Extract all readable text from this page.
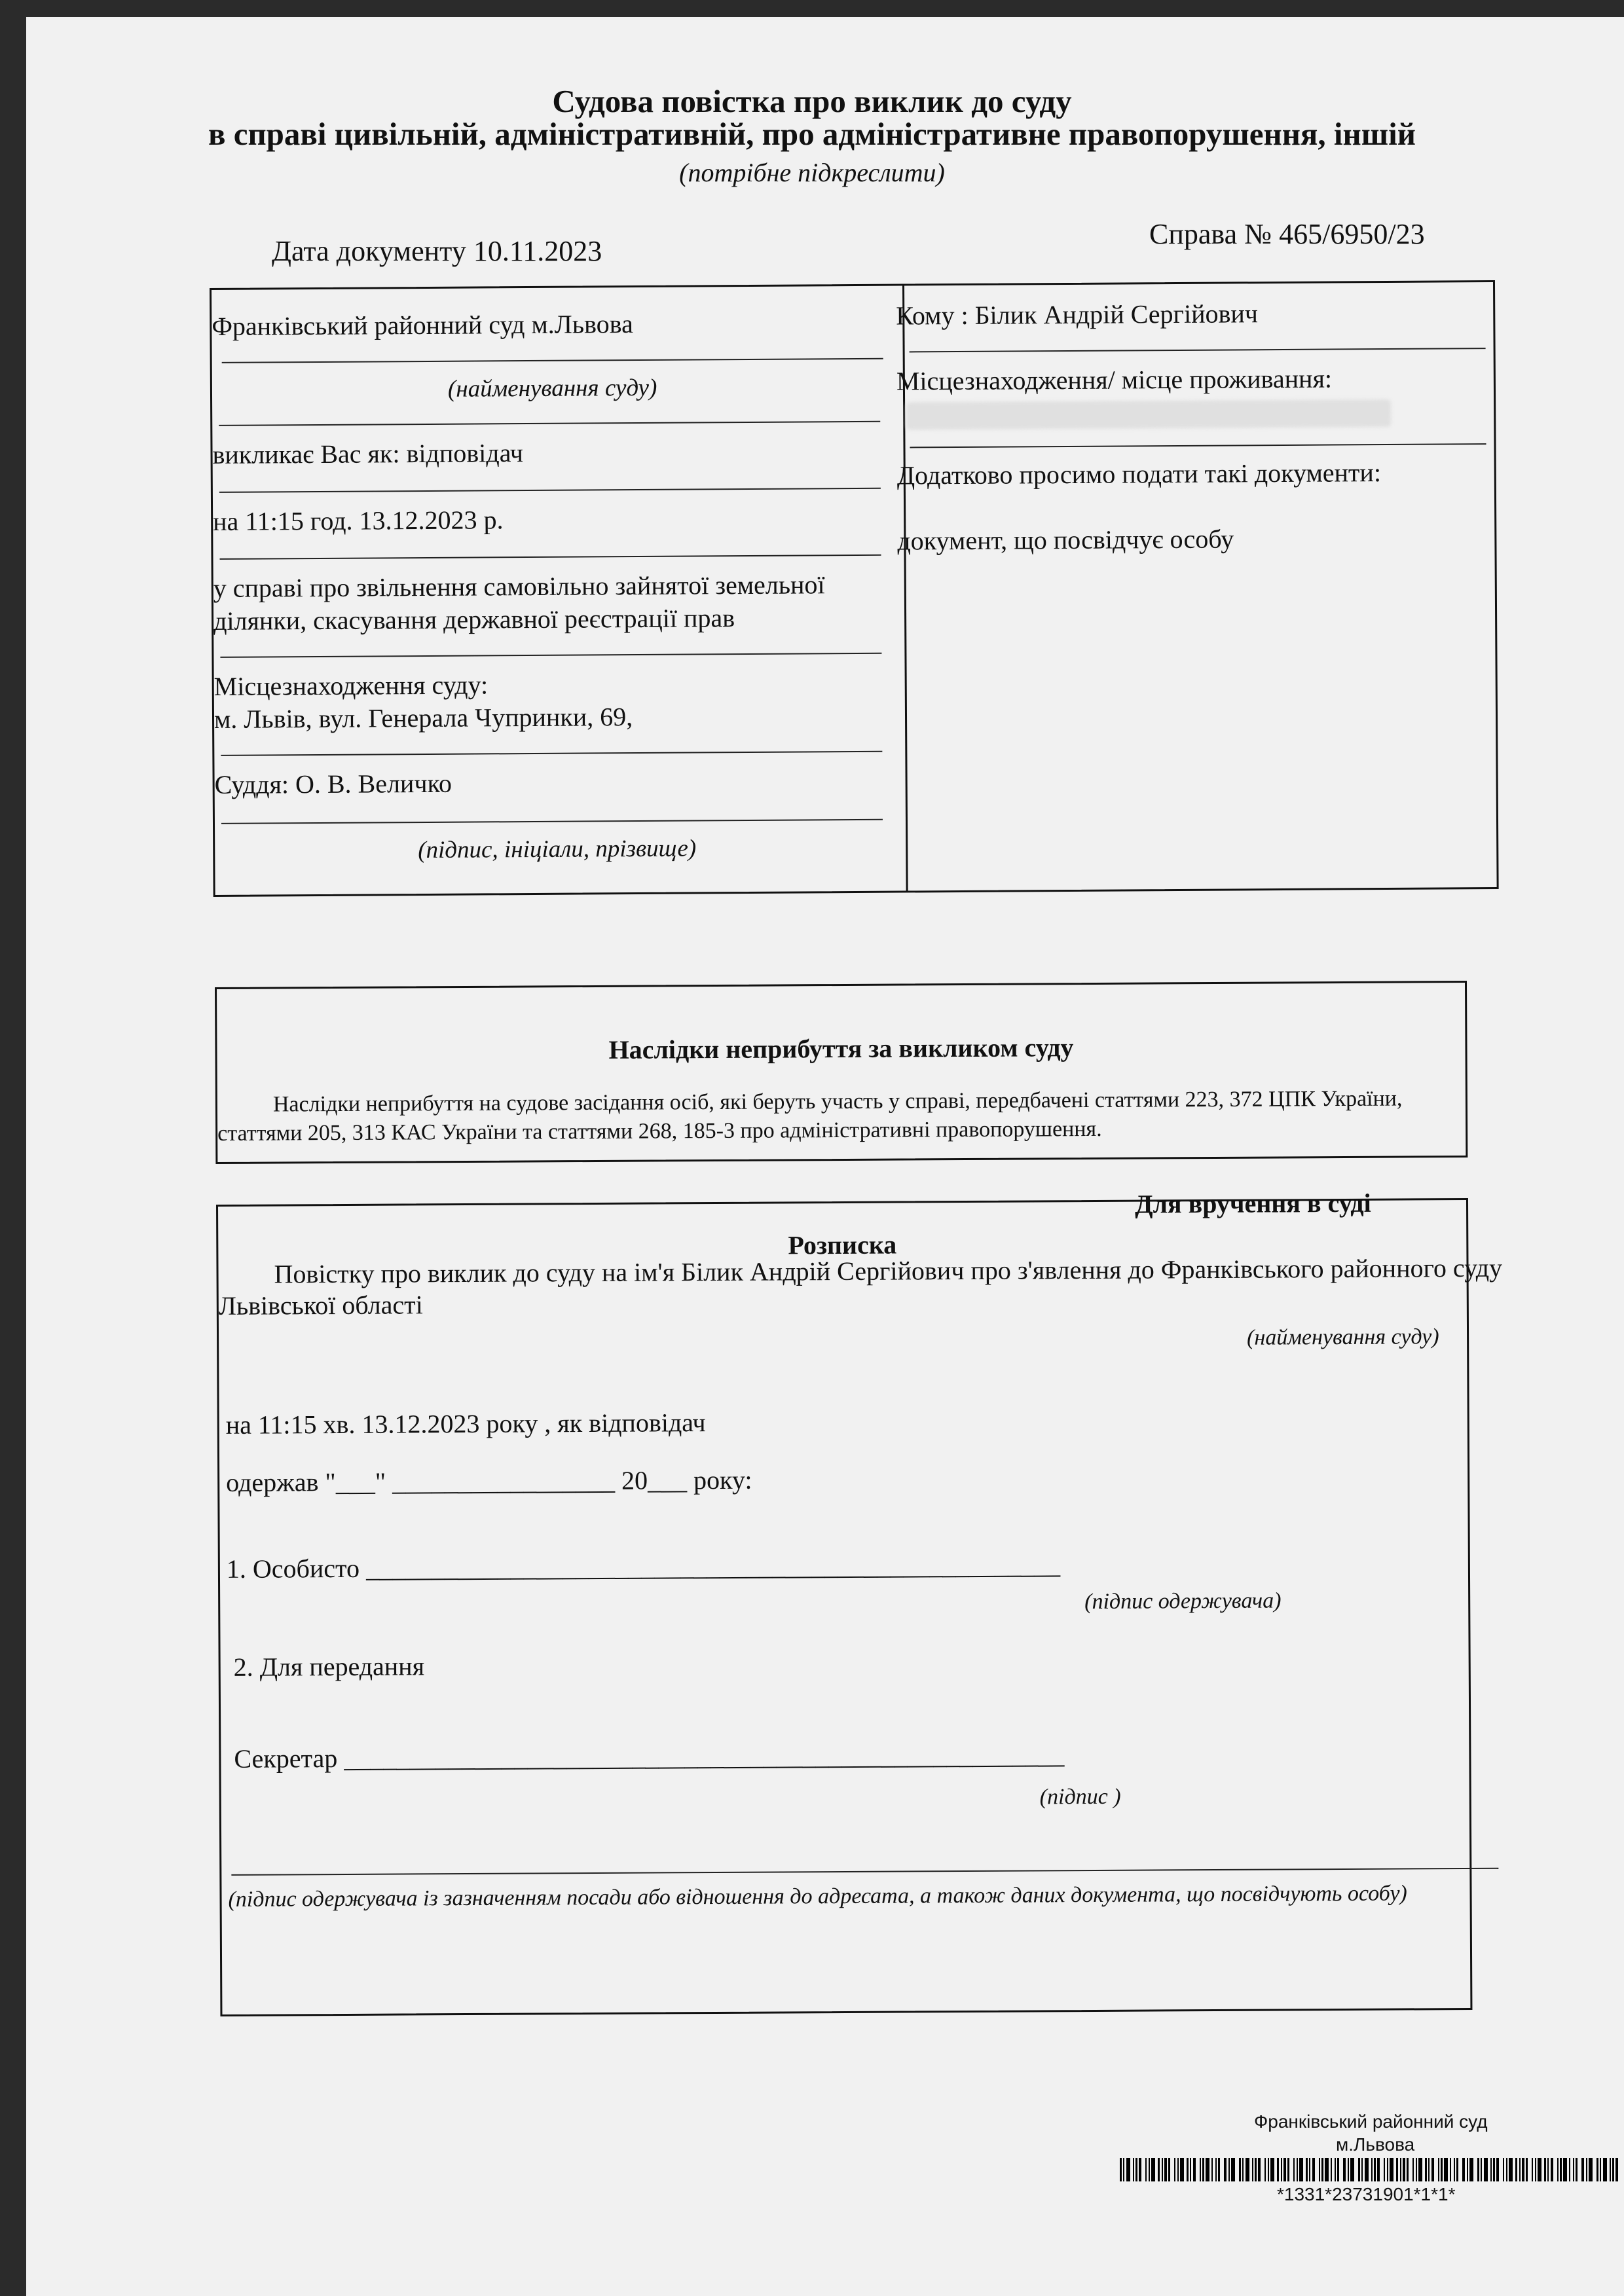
Судова повістка про виклик до суду
в справі цивільній, адміністративній, про адміністративне правопорушення, іншій
(потрібне підкреслити)
Дата документу 10.11.2023
Справа № 465/6950/23
Франківський районний суд м.Львова
(найменування суду)
викликає Вас як: відповідач
на 11:15 год. 13.12.2023 р.
у справі про звільнення самовільно зайнятої земельної
ділянки, скасування державної реєстрації прав
Місцезнаходження суду:
м. Львів, вул. Генерала Чупринки, 69,
Суддя: О. В. Величко
(підпис, ініціали, прізвище)
Кому : Білик Андрій Сергійович
Місцезнаходження/ місце проживання:
Додатково просимо подати такі документи:
документ, що посвідчує особу
Наслідки неприбуття за викликом суду
Наслідки неприбуття на судове засідання осіб, які беруть участь у справі, передбачені статтями 223, 372 ЦПК України,
статтями 205, 313 КАС України та статтями 268, 185-3 про адміністративні правопорушення.
Для вручення в суді
Розписка
Повістку про виклик до суду на ім'я Білик Андрій Сергійович про з'явлення до Франківського районного суду
Львівської області
(найменування суду)
на 11:15 хв. 13.12.2023 року , як відповідач
одержав "___" _________________ 20___ року:
1. Особисто _____________________________________________________
(підпис одержувача)
2. Для передання
Секретар _______________________________________________________
(підпис )
(підпис одержувача із зазначенням посади або відношення до адресата, а також даних документа, що посвідчують особу)
Франківський районний суд
м.Львова
*1331*23731901*1*1*
